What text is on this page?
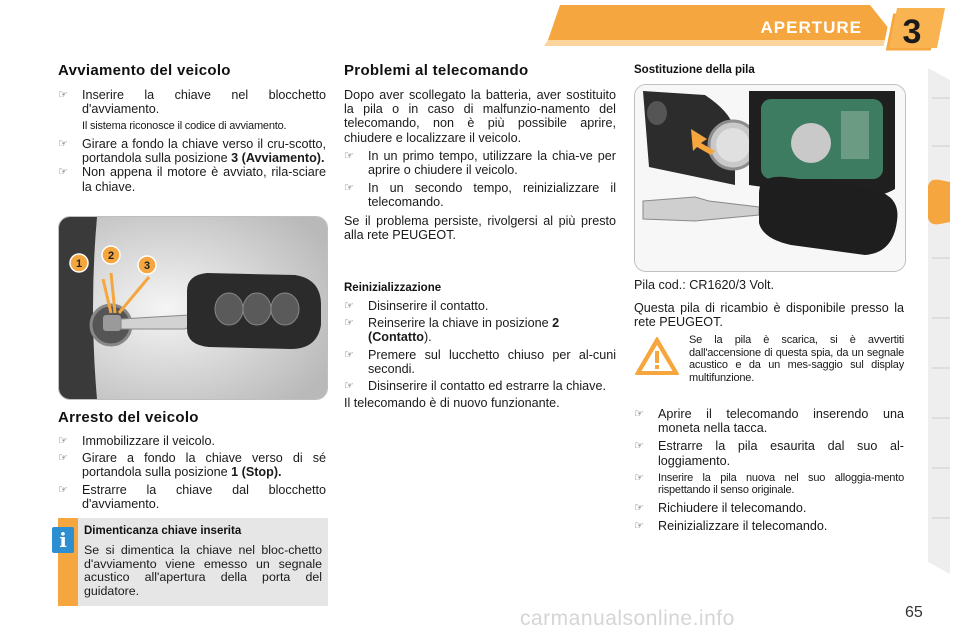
APERTURE	3
Avviamento del veicolo
☞ Inserire la chiave nel blocchetto d'avviamento.
Il sistema riconosce il codice di avviamento.
☞ Girare a fondo la chiave verso il cru-scotto, portandola sulla posizione 3 (Avviamento).
☞ Non appena il motore è avviato, rila-sciare la chiave.
1
2
3
Arresto del veicolo
☞ Immobilizzare il veicolo.
☞ Girare a fondo la chiave verso di sé portandola sulla posizione 1 (Stop).
☞ Estrarre la chiave dal blocchetto d'avviamento.
Dimenticanza chiave inserita
Se si dimentica la chiave nel bloc-chetto d'avviamento viene emesso un segnale acustico all'apertura della porta del guidatore.
i
Problemi al telecomando
Dopo aver scollegato la batteria, aver sostituito la pila o in caso di malfunzio-namento del telecomando, non è più possibile aprire, chiudere e localizzare il veicolo.
☞ In un primo tempo, utilizzare la chia-ve per aprire o chiudere il veicolo.
☞ In un secondo tempo, reinizializzare il telecomando.
Se il problema persiste, rivolgersi al più presto alla rete PEUGEOT.
Reinizializzazione
☞ Disinserire il contatto.
☞ Reinserire la chiave in posizione 2
(Contatto).
☞ Premere sul lucchetto chiuso per al-cuni secondi.
☞ Disinserire il contatto ed estrarre la chiave.
Il telecomando è di nuovo funzionante.
Sostituzione della pila
Pila cod.: CR1620/3 Volt.
Questa pila di ricambio è disponibile presso la rete PEUGEOT.
Se la pila è scarica, si è avvertiti dall'accensione di questa spia, da un segnale acustico e da un mes-saggio sul display multifunzione.
☞ Aprire il telecomando inserendo una moneta nella tacca.
☞ Estrarre la pila esaurita dal suo al-loggiamento.
☞ Inserire la pila nuova nel suo alloggia-mento rispettando il senso originale.
☞ Richiudere il telecomando.
☞ Reinizializzare il telecomando.
carmanualsonline.info	65
